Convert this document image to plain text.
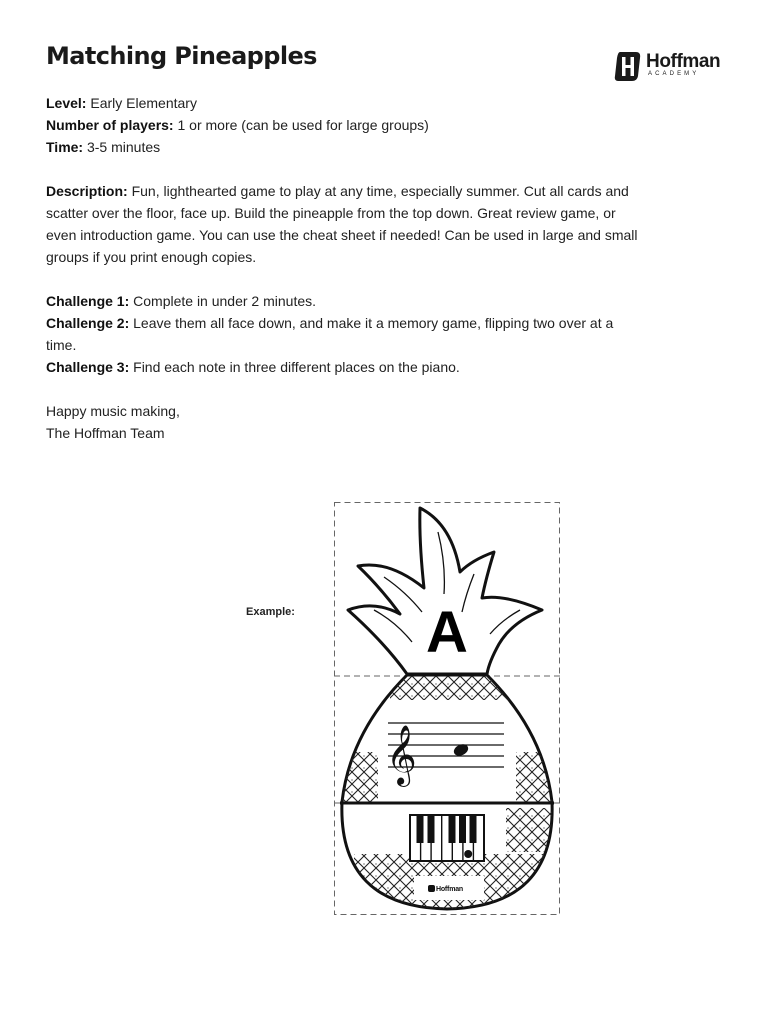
Matching Pineapples	Hoffman
ACADEMY

Level: Early Elementary

Number of players: 1 or more (can be used for large groups)

Time: 3-5 minutes

Description: Fun, lighthearted game to play at any time, especially summer. Cut all cards and scatter over the floor, face up. Build the pineapple from the top down. Great review game, or even introduction game. You can use the cheat sheet if needed! Can be used in large and small groups if you print enough copies.

Challenge 1: Complete in under 2 minutes.

Challenge 2: Leave them all face down, and make it a memory game, flipping two over at a time.

Challenge 3: Find each note in three different places on the piano.

Happy music making,

The Hoffman Team

Example:
𝄞
A
Hoffman
